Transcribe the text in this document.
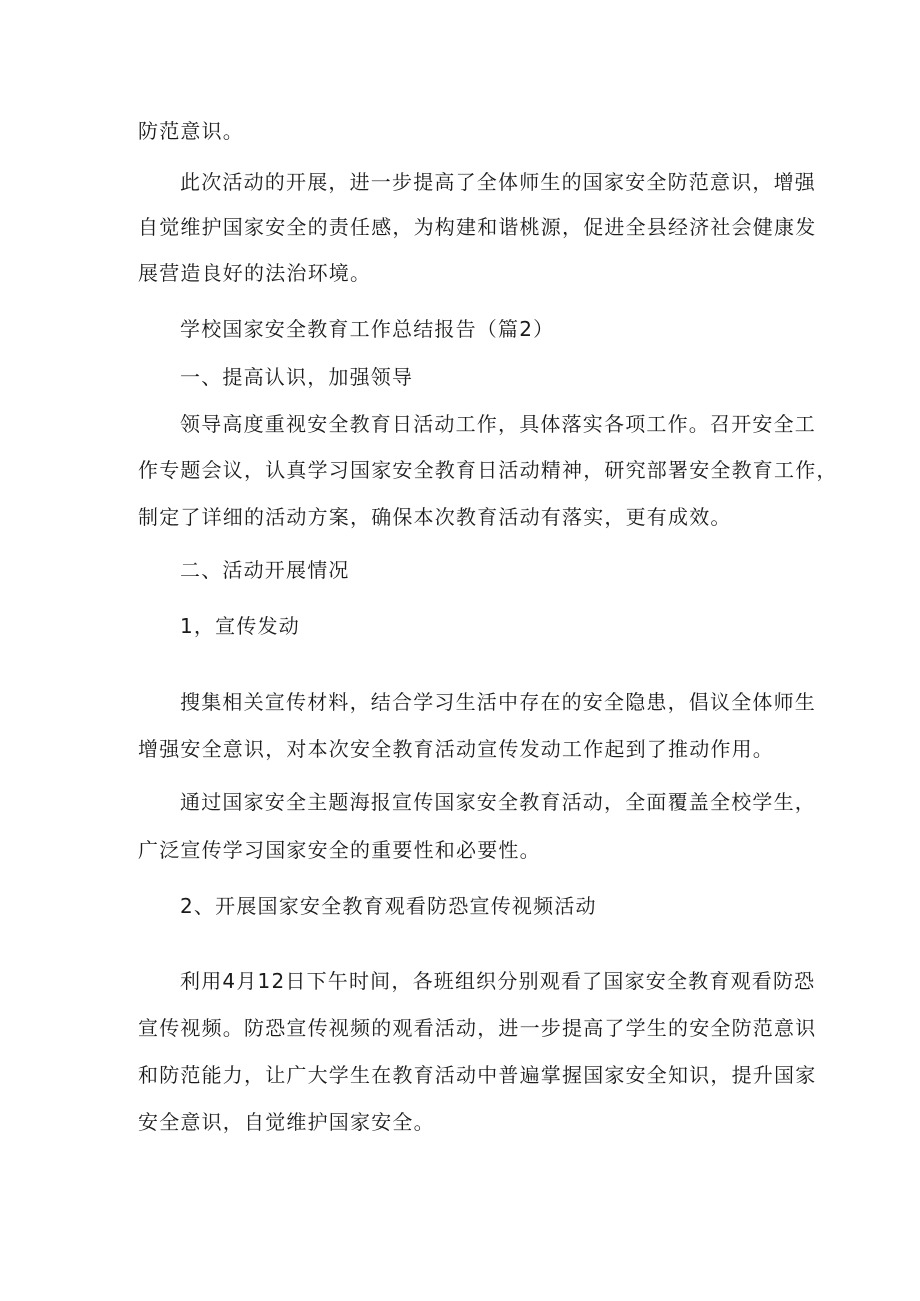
防范意识。
此次活动的开展，进一步提高了全体师生的国家安全防范意识，增强
自觉维护国家安全的责任感，为构建和谐桃源，促进全县经济社会健康发
展营造良好的法治环境。
学校国家安全教育工作总结报告（篇2）
一、提高认识，加强领导
领导高度重视安全教育日活动工作，具体落实各项工作。召开安全工
作专题会议，认真学习国家安全教育日活动精神，研究部署安全教育工作，
制定了详细的活动方案，确保本次教育活动有落实，更有成效。
二、活动开展情况
1，宣传发动
搜集相关宣传材料，结合学习生活中存在的安全隐患，倡议全体师生
增强安全意识，对本次安全教育活动宣传发动工作起到了推动作用。
通过国家安全主题海报宣传国家安全教育活动，全面覆盖全校学生，
广泛宣传学习国家安全的重要性和必要性。
2、开展国家安全教育观看防恐宣传视频活动
利用4月12日下午时间，各班组织分别观看了国家安全教育观看防恐
宣传视频。防恐宣传视频的观看活动，进一步提高了学生的安全防范意识
和防范能力，让广大学生在教育活动中普遍掌握国家安全知识，提升国家
安全意识，自觉维护国家安全。
